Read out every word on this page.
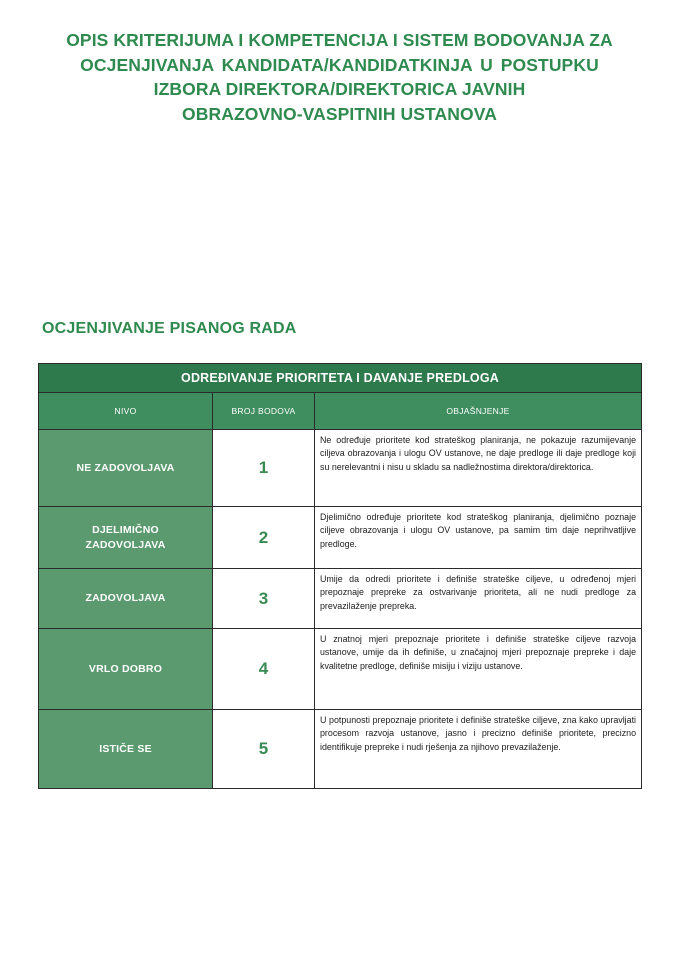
OPIS KRITERIJUMA I KOMPETENCIJA I SISTEM BODOVANJA ZA
OCJENJIVANJA KANDIDATA/KANDIDATKINJA U POSTUPKU
IZBORA DIREKTORA/DIREKTORICA JAVNIH
OBRAZOVNO-VASPITNIH USTANOVA
OCJENJIVANJE PISANOG RADA
ODREĐIVANJE PRIORITETA I DAVANJE PREDLOGA		
NIVO	BROJ BODOVA	OBJAŠNJENJE
NE ZADOVOLJAVA	1	Ne određuje prioritete kod strateškog planiranja, ne pokazuje razumijevanje ciljeva obrazovanja i ulogu OV ustanove, ne daje predloge ili daje predloge koji su nerelevantni i nisu u skladu sa nadležnostima direktora/direktorica.
DJELIMIČNO ZADOVOLJAVA	2	Djelimično određuje prioritete kod strateškog planiranja, djelimično poznaje ciljeve obrazovanja i ulogu OV ustanove, pa samim tim daje neprihvatljive predloge.
ZADOVOLJAVA	3	Umije da odredi prioritete i definiše strateške ciljeve, u određenoj mjeri prepoznaje prepreke za ostvarivanje prioriteta, ali ne nudi predloge za prevazilaženje prepreka.
VRLO DOBRO	4	U znatnoj mjeri prepoznaje prioritete i definiše strateške ciljeve razvoja ustanove, umije da ih definiše, u značajnoj mjeri prepoznaje prepreke i daje kvalitetne predloge, definiše misiju i viziju ustanove.
ISTIČE SE	5	U potpunosti prepoznaje prioritete i definiše strateške ciljeve, zna kako upravljati procesom razvoja ustanove, jasno i precizno definiše prioritete, precizno identifikuje prepreke i nudi rješenja za njihovo prevazilaženje.
